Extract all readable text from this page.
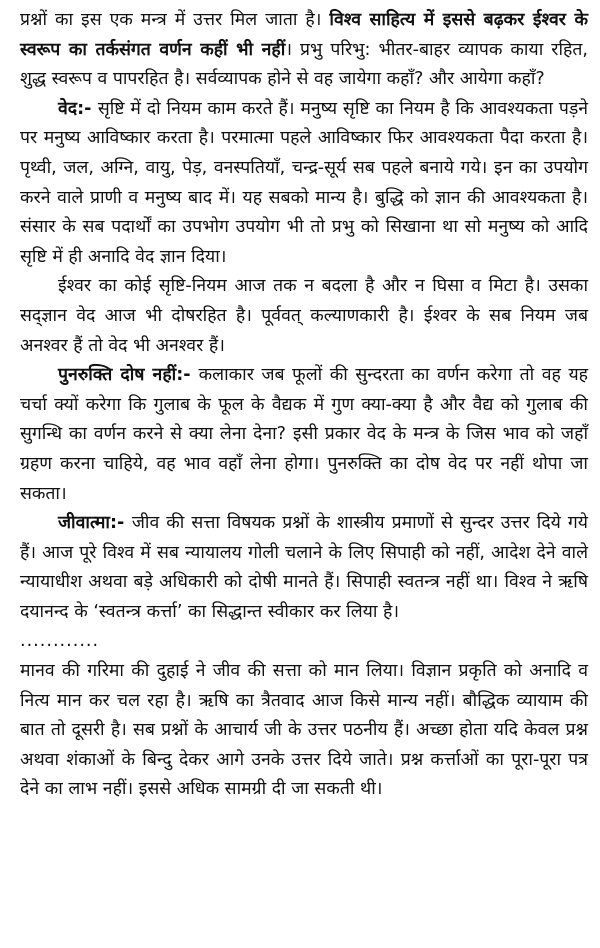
प्रश्नों का इस एक मन्त्र में उत्तर मिल जाता है। विश्व साहित्य में इससे बढ़कर ईश्वर के स्वरूप का तर्कसंगत वर्णन कहीं भी नहीं। प्रभु परिभु: भीतर-बाहर व्यापक काया रहित, शुद्ध स्वरूप व पापरहित है। सर्वव्यापक होने से वह जायेगा कहाँ? और आयेगा कहाँ?

वेद:- सृष्टि में दो नियम काम करते हैं। मनुष्य सृष्टि का नियम है कि आवश्यकता पड़ने पर मनुष्य आविष्कार करता है। परमात्मा पहले आविष्कार फिर आवश्यकता पैदा करता है। पृथ्वी, जल, अग्नि, वायु, पेड़, वनस्पतियाँ, चन्द्र-सूर्य सब पहले बनाये गये। इन का उपयोग करने वाले प्राणी व मनुष्य बाद में। यह सबको मान्य है। बुद्धि को ज्ञान की आवश्यकता है। संसार के सब पदार्थों का उपभोग उपयोग भी तो प्रभु को सिखाना था सो मनुष्य को आदि सृष्टि में ही अनादि वेद ज्ञान दिया।

ईश्वर का कोई सृष्टि-नियम आज तक न बदला है और न घिसा व मिटा है। उसका सद्ज्ञान वेद आज भी दोषरहित है। पूर्ववत् कल्याणकारी है। ईश्वर के सब नियम जब अनश्वर हैं तो वेद भी अनश्वर हैं।

पुनरुक्ति दोष नहीं:- कलाकार जब फूलों की सुन्दरता का वर्णन करेगा तो वह यह चर्चा क्यों करेगा कि गुलाब के फूल के वैद्यक में गुण क्या-क्या है और वैद्य को गुलाब की सुगन्धि का वर्णन करने से क्या लेना देना? इसी प्रकार वेद के मन्त्र के जिस भाव को जहाँ ग्रहण करना चाहिये, वह भाव वहाँ लेना होगा। पुनरुक्ति का दोष वेद पर नहीं थोपा जा सकता।

जीवात्मा:- जीव की सत्ता विषयक प्रश्नों के शास्त्रीय प्रमाणों से सुन्दर उत्तर दिये गये हैं। आज पूरे विश्व में सब न्यायालय गोली चलाने के लिए सिपाही को नहीं, आदेश देने वाले न्यायाधीश अथवा बड़े अधिकारी को दोषी मानते हैं। सिपाही स्वतन्त्र नहीं था। विश्व ने ऋषि दयानन्द के ‘स्वतन्त्र कर्त्ता’ का सिद्धान्त स्वीकार कर लिया है।

............

मानव की गरिमा की दुहाई ने जीव की सत्ता को मान लिया। विज्ञान प्रकृति को अनादि व नित्य मान कर चल रहा है। ऋषि का त्रैतवाद आज किसे मान्य नहीं। बौद्धिक व्यायाम की बात तो दूसरी है। सब प्रश्नों के आचार्य जी के उत्तर पठनीय हैं। अच्छा होता यदि केवल प्रश्न अथवा शंकाओं के बिन्दु देकर आगे उनके उत्तर दिये जाते। प्रश्न कर्त्ताओं का पूरा-पूरा पत्र देने का लाभ नहीं। इससे अधिक सामग्री दी जा सकती थी।
